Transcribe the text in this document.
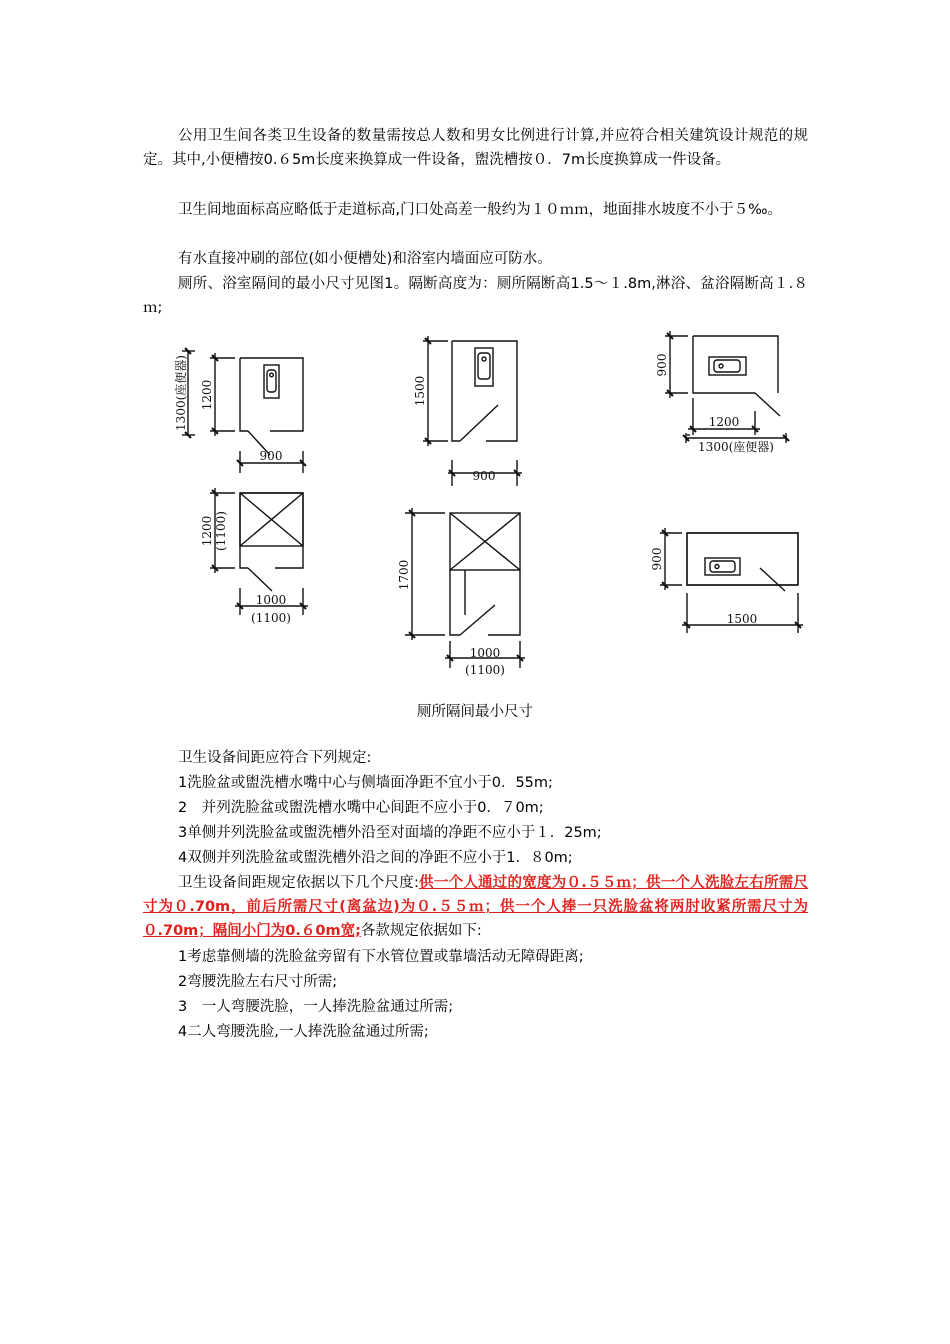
公用卫生间各类卫生设备的数量需按总人数和男女比例进行计算,并应符合相关建筑设计规范的规定。其中,小便槽按0.６5m长度来换算成一件设备，盥洗槽按０．7m长度换算成一件设备。

卫生间地面标高应略低于走道标高,门口处高差一般约为１０ｍｍ，地面排水坡度不小于５‰。

有水直接冲刷的部位(如小便槽处)和浴室内墙面应可防水。

厕所、浴室隔间的最小尺寸见图1。隔断高度为：厕所隔断高1.5～１.8m,淋浴、盆浴隔断高１.８ｍ;

900
1200
1300(座便器)	1500
900
900
1200
1300(座便器)
1200 (1100)
1000
(1100)
1700
1000
(1100)
900
1500
厕所隔间最小尺寸

卫生设备间距应符合下列规定:

1洗脸盆或盥洗槽水嘴中心与侧墙面净距不宜小于0．55m;

2　并列洗脸盆或盥洗槽水嘴中心间距不应小于0．７0m;

3单侧并列洗脸盆或盥洗槽外沿至对面墙的净距不应小于１．25m;

4双侧并列洗脸盆或盥洗槽外沿之间的净距不应小于1．８0m;

卫生设备间距规定依据以下几个尺度:供一个人通过的宽度为０.５５ｍ；供一个人洗脸左右所需尺寸为０.70m，前后所需尺寸(离盆边)为０.５５ｍ；供一个人捧一只洗脸盆将两肘收紧所需尺寸为０.70m；隔间小门为0.６0m宽;各款规定依据如下:

1考虑靠侧墙的洗脸盆旁留有下水管位置或靠墙活动无障碍距离;

2弯腰洗脸左右尺寸所需;

3　一人弯腰洗脸，一人捧洗脸盆通过所需;

4二人弯腰洗脸,一人捧洗脸盆通过所需;
